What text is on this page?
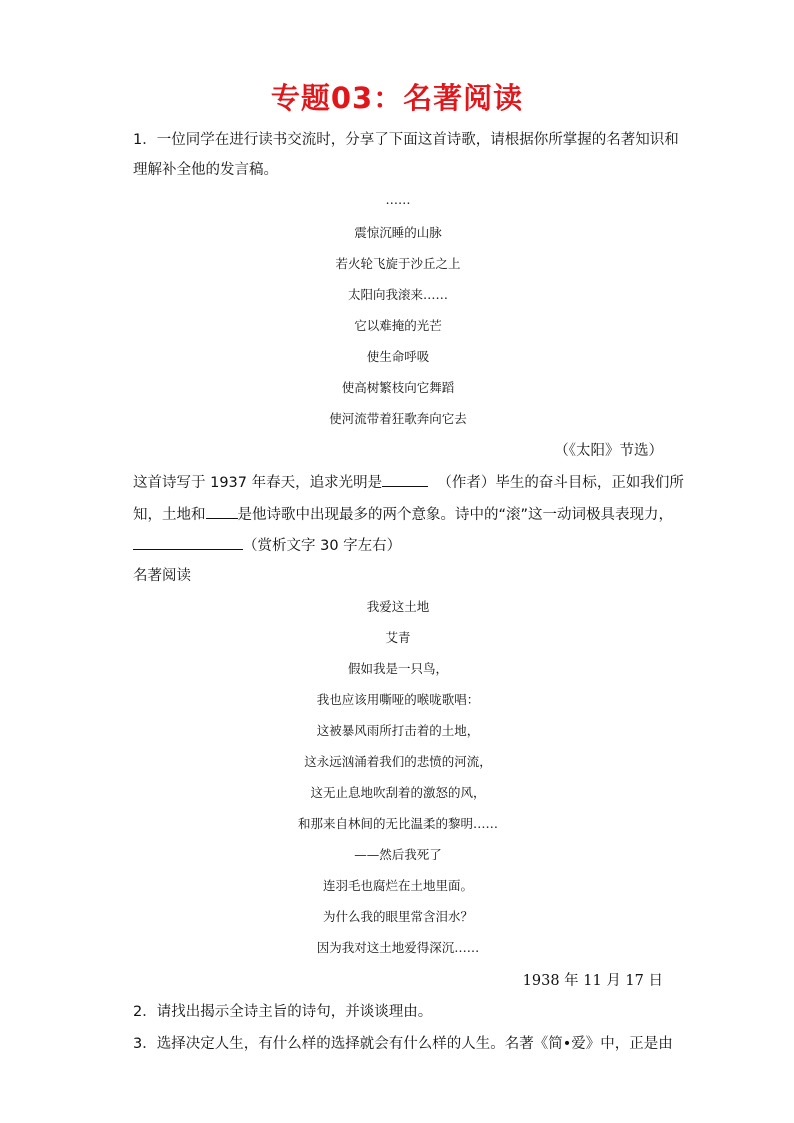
专题03：名著阅读
1．一位同学在进行读书交流时，分享了下面这首诗歌，请根据你所掌握的名著知识和
理解补全他的发言稿。
……
震惊沉睡的山脉
若火轮飞旋于沙丘之上
太阳向我滚来……
它以难掩的光芒
使生命呼吸
使高树繁枝向它舞蹈
使河流带着狂歌奔向它去
（《太阳》节选）
这首诗写于 1937 年春天，追求光明是	（作者）毕生的奋斗目标，正如我们所
知，土地和 是他诗歌中出现最多的两个意象。诗中的“滚”这一动词极具表现力，
（赏析文字 30 字左右）
名著阅读
我爱这土地
艾青
假如我是一只鸟，
我也应该用嘶哑的喉咙歌唱：
这被暴风雨所打击着的土地，
这永远汹涌着我们的悲愤的河流，
这无止息地吹刮着的激怒的风，
和那来自林间的无比温柔的黎明……
——然后我死了
连羽毛也腐烂在土地里面。
为什么我的眼里常含泪水？
因为我对这土地爱得深沉……
1938 年 11 月 17 日
2．请找出揭示全诗主旨的诗句，并谈谈理由。
3．选择决定人生，有什么样的选择就会有什么样的人生。名著《简•爱》中，正是由
